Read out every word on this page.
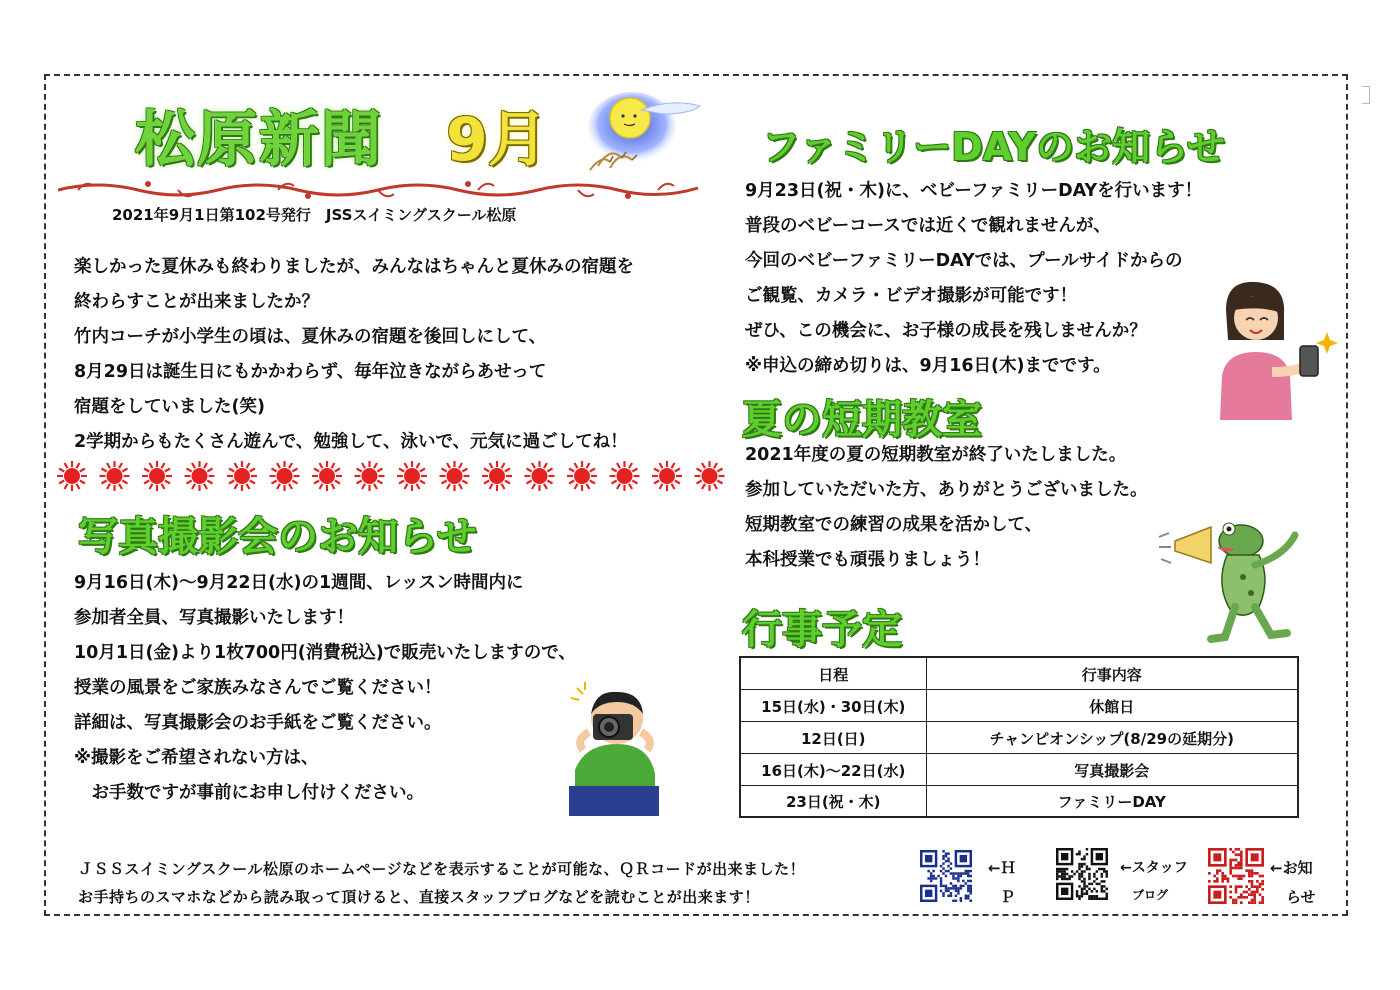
松原新聞 9月
2021年9月1日第102号発行　JSSスイミングスクール松原
楽しかった夏休みも終わりましたが、みんなはちゃんと夏休みの宿題を
終わらすことが出来ましたか？
竹内コーチが小学生の頃は、夏休みの宿題を後回しにして、
8月29日は誕生日にもかかわらず、毎年泣きながらあせって
宿題をしていました(笑)
2学期からもたくさん遊んで、勉強して、泳いで、元気に過ごしてね！
写真撮影会のお知らせ
9月16日(木)～9月22日(水)の1週間、レッスン時間内に
参加者全員、写真撮影いたします！
10月1日(金)より1枚700円(消費税込)で販売いたしますので、
授業の風景をご家族みなさんでご覧ください！
詳細は、写真撮影会のお手紙をご覧ください。
※撮影をご希望されない方は、
　お手数ですが事前にお申し付けください。
ファミリーDAYのお知らせ
9月23日(祝・木)に、ベビーファミリーDAYを行います！
普段のベビーコースでは近くで観れませんが、
今回のベビーファミリーDAYでは、プールサイドからの
ご観覧、カメラ・ビデオ撮影が可能です！
ぜひ、この機会に、お子様の成長を残しませんか？
※申込の締め切りは、9月16日(木)までです。
夏の短期教室
2021年度の夏の短期教室が終了いたしました。
参加していただいた方、ありがとうございました。
短期教室での練習の成果を活かして、
本科授業でも頑張りましょう！
行事予定
日程	行事内容
15日(水)・30日(木)	休館日
12日(日)	チャンピオンシップ(8/29の延期分)
16日(木)～22日(水)	写真撮影会
23日(祝・木)	ファミリーDAY
ＪＳＳスイミングスクール松原のホームページなどを表示することが可能な、ＱＲコードが出来ました！
お手持ちのスマホなどから読み取って頂けると、直接スタッフブログなどを読むことが出来ます！
←Ｈ
Ｐ
←スタッフ
ブログ
←お知
らせ
